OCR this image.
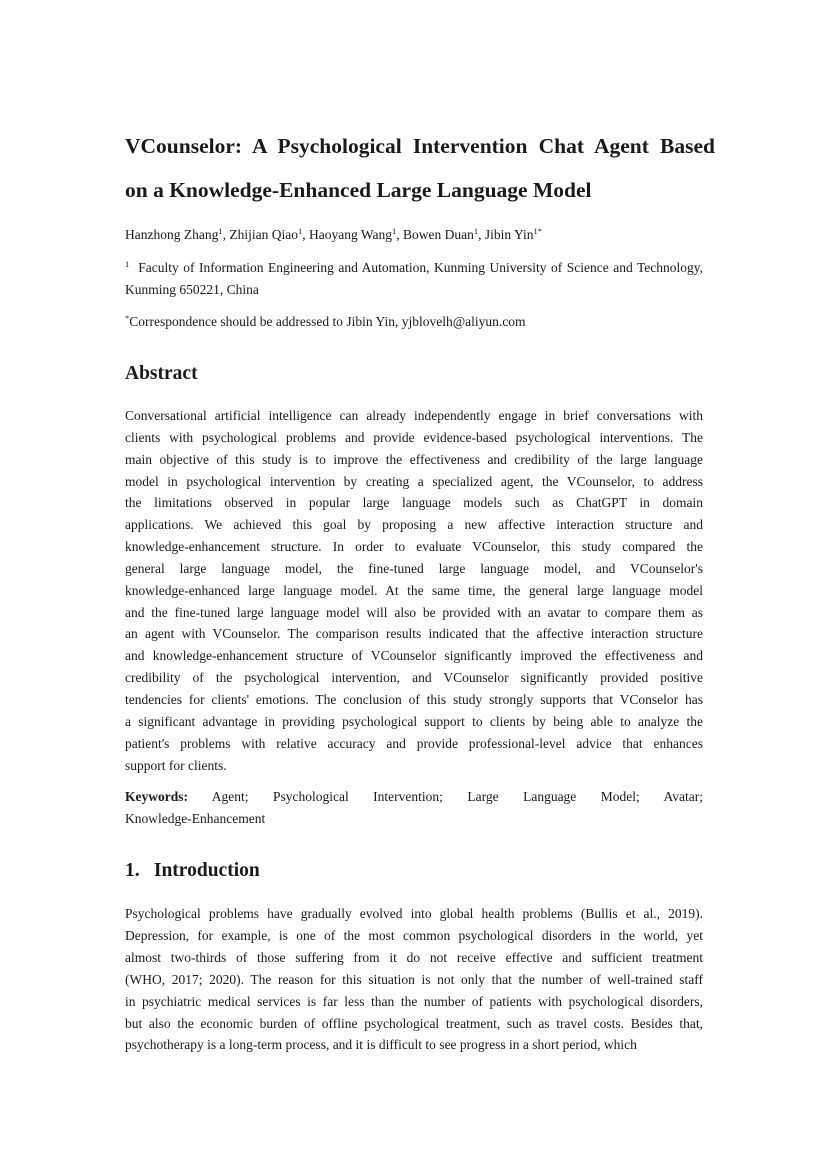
VCounselor: A Psychological Intervention Chat Agent Based
on a Knowledge-Enhanced Large Language Model

Hanzhong Zhang$^1$, Zhijian Qiao$^1$, Haoyang Wang$^1$, Bowen Duan$^1$, Jibin Yin$^{1*}$

$^1$ Faculty of Information Engineering and Automation, Kunming University of Science and Technology, Kunming 650221, China

*Correspondence should be addressed to Jibin Yin, yjblovelh@aliyun.com

Abstract
Conversational artificial intelligence can already independently engage in brief conversations with
clients with psychological problems and provide evidence-based psychological interventions. The
main objective of this study is to improve the effectiveness and credibility of the large language
model in psychological intervention by creating a specialized agent, the VCounselor, to address
the limitations observed in popular large language models such as ChatGPT in domain
applications. We achieved this goal by proposing a new affective interaction structure and
knowledge-enhancement structure. In order to evaluate VCounselor, this study compared the
general large language model, the fine-tuned large language model, and VCounselor's
knowledge-enhanced large language model. At the same time, the general large language model
and the fine-tuned large language model will also be provided with an avatar to compare them as
an agent with VCounselor. The comparison results indicated that the affective interaction structure
and knowledge-enhancement structure of VCounselor significantly improved the effectiveness and
credibility of the psychological intervention, and VCounselor significantly provided positive
tendencies for clients' emotions. The conclusion of this study strongly supports that VConselor has
a significant advantage in providing psychological support to clients by being able to analyze the
patient's problems with relative accuracy and provide professional-level advice that enhances
support for clients.
Keywords: Agent; Psychological Intervention; Large Language Model; Avatar;
Knowledge-Enhancement
1. Introduction
Psychological problems have gradually evolved into global health problems (Bullis et al., 2019).
Depression, for example, is one of the most common psychological disorders in the world, yet
almost two-thirds of those suffering from it do not receive effective and sufficient treatment
(WHO, 2017; 2020). The reason for this situation is not only that the number of well-trained staff
in psychiatric medical services is far less than the number of patients with psychological disorders,
but also the economic burden of offline psychological treatment, such as travel costs. Besides that,
psychotherapy is a long-term process, and it is difficult to see progress in a short period, which
